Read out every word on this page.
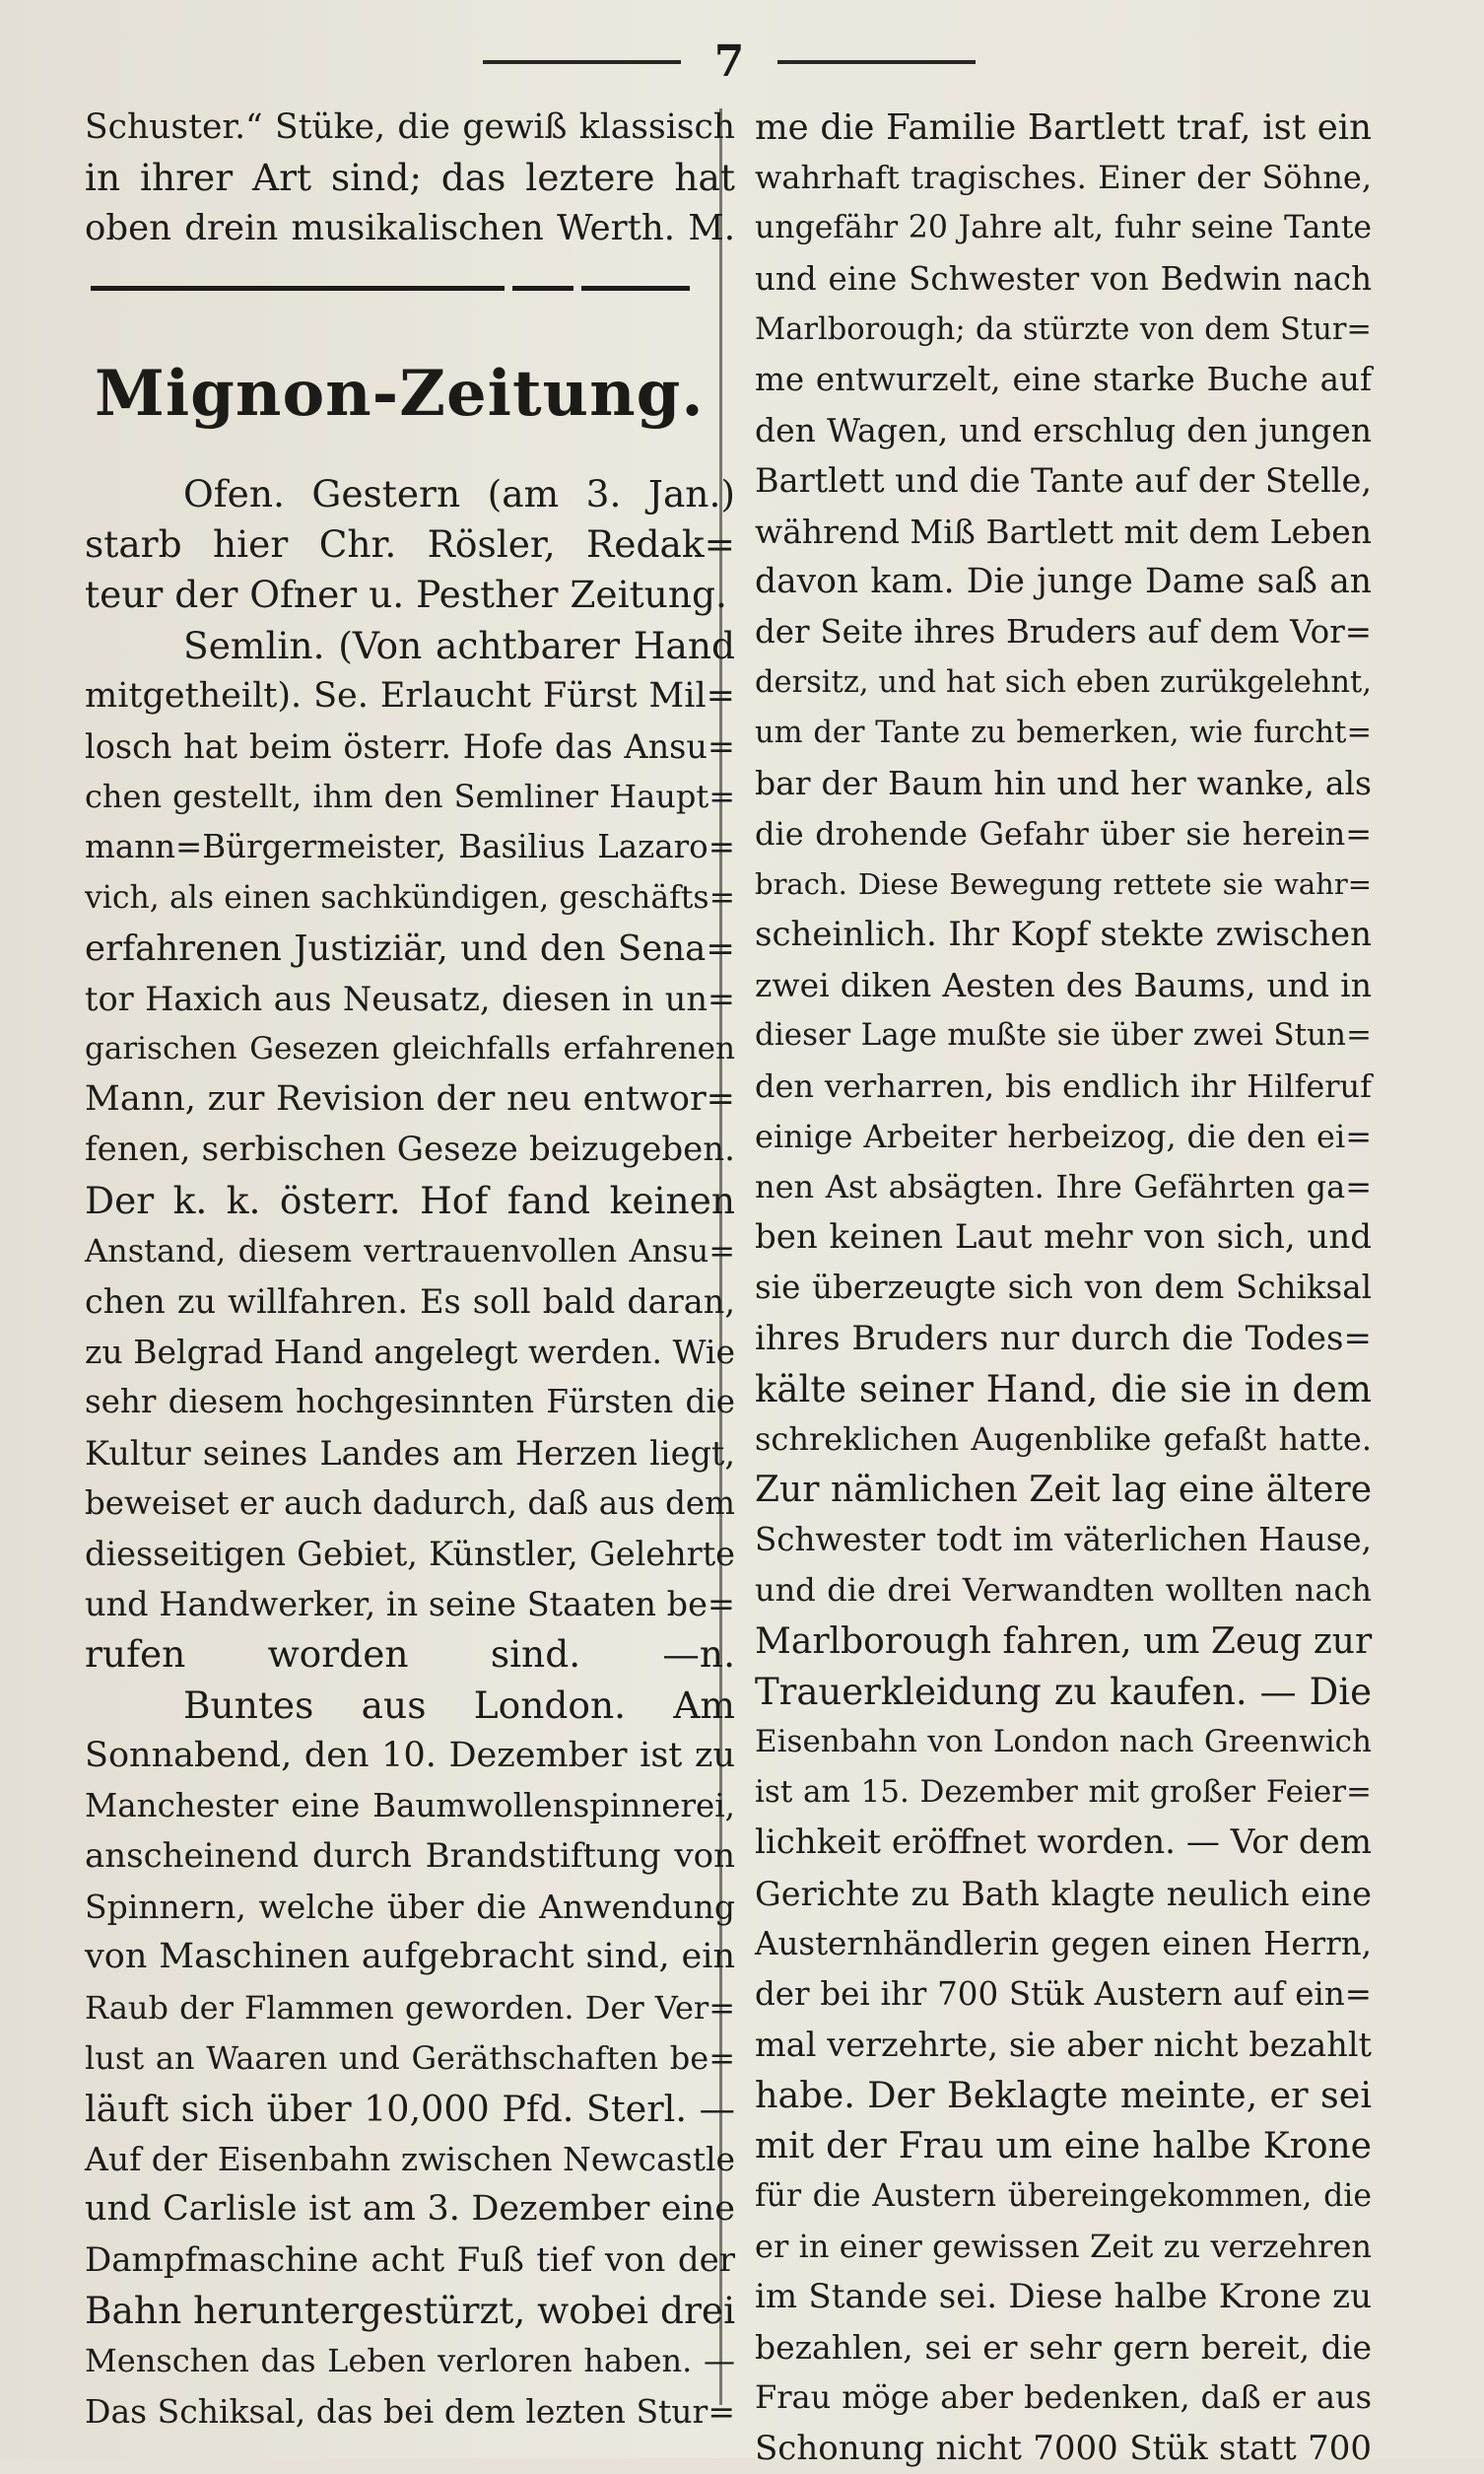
7
Schuster.“ Stüke, die gewiß klassisch
in ihrer Art sind; das leztere hat
oben drein musikalischen Werth. M.
Mignon-Zeitung.
Ofen. Gestern (am 3. Jan.)
starb hier Chr. Rösler, Redak=
teur der Ofner u. Pesther Zeitung.
Semlin. (Von achtbarer Hand
mitgetheilt). Se. Erlaucht Fürst Mil=
losch hat beim österr. Hofe das Ansu=
chen gestellt, ihm den Semliner Haupt=
mann=Bürgermeister, Basilius Lazaro=
vich, als einen sachkündigen, geschäfts=
erfahrenen Justiziär, und den Sena=
tor Haxich aus Neusatz, diesen in un=
garischen Gesezen gleichfalls erfahrenen
Mann, zur Revision der neu entwor=
fenen, serbischen Geseze beizugeben.
Der k. k. österr. Hof fand keinen
Anstand, diesem vertrauenvollen Ansu=
chen zu willfahren. Es soll bald daran,
zu Belgrad Hand angelegt werden. Wie
sehr diesem hochgesinnten Fürsten die
Kultur seines Landes am Herzen liegt,
beweiset er auch dadurch, daß aus dem
diesseitigen Gebiet, Künstler, Gelehrte
und Handwerker, in seine Staaten be=
rufen worden sind. —n.
Buntes aus London. Am
Sonnabend, den 10. Dezember ist zu
Manchester eine Baumwollenspinnerei,
anscheinend durch Brandstiftung von
Spinnern, welche über die Anwendung
von Maschinen aufgebracht sind, ein
Raub der Flammen geworden. Der Ver=
lust an Waaren und Geräthschaften be=
läuft sich über 10,000 Pfd. Sterl. —
Auf der Eisenbahn zwischen Newcastle
und Carlisle ist am 3. Dezember eine
Dampfmaschine acht Fuß tief von der
Bahn heruntergestürzt, wobei drei
Menschen das Leben verloren haben. —
Das Schiksal, das bei dem lezten Stur=
me die Familie Bartlett traf, ist ein
wahrhaft tragisches. Einer der Söhne,
ungefähr 20 Jahre alt, fuhr seine Tante
und eine Schwester von Bedwin nach
Marlborough; da stürzte von dem Stur=
me entwurzelt, eine starke Buche auf
den Wagen, und erschlug den jungen
Bartlett und die Tante auf der Stelle,
während Miß Bartlett mit dem Leben
davon kam. Die junge Dame saß an
der Seite ihres Bruders auf dem Vor=
dersitz, und hat sich eben zurükgelehnt,
um der Tante zu bemerken, wie furcht=
bar der Baum hin und her wanke, als
die drohende Gefahr über sie herein=
brach. Diese Bewegung rettete sie wahr=
scheinlich. Ihr Kopf stekte zwischen
zwei diken Aesten des Baums, und in
dieser Lage mußte sie über zwei Stun=
den verharren, bis endlich ihr Hilferuf
einige Arbeiter herbeizog, die den ei=
nen Ast absägten. Ihre Gefährten ga=
ben keinen Laut mehr von sich, und
sie überzeugte sich von dem Schiksal
ihres Bruders nur durch die Todes=
kälte seiner Hand, die sie in dem
schreklichen Augenblike gefaßt hatte.
Zur nämlichen Zeit lag eine ältere
Schwester todt im väterlichen Hause,
und die drei Verwandten wollten nach
Marlborough fahren, um Zeug zur
Trauerkleidung zu kaufen. — Die
Eisenbahn von London nach Greenwich
ist am 15. Dezember mit großer Feier=
lichkeit eröffnet worden. — Vor dem
Gerichte zu Bath klagte neulich eine
Austernhändlerin gegen einen Herrn,
der bei ihr 700 Stük Austern auf ein=
mal verzehrte, sie aber nicht bezahlt
habe. Der Beklagte meinte, er sei
mit der Frau um eine halbe Krone
für die Austern übereingekommen, die
er in einer gewissen Zeit zu verzehren
im Stande sei. Diese halbe Krone zu
bezahlen, sei er sehr gern bereit, die
Frau möge aber bedenken, daß er aus
Schonung nicht 7000 Stük statt 700
